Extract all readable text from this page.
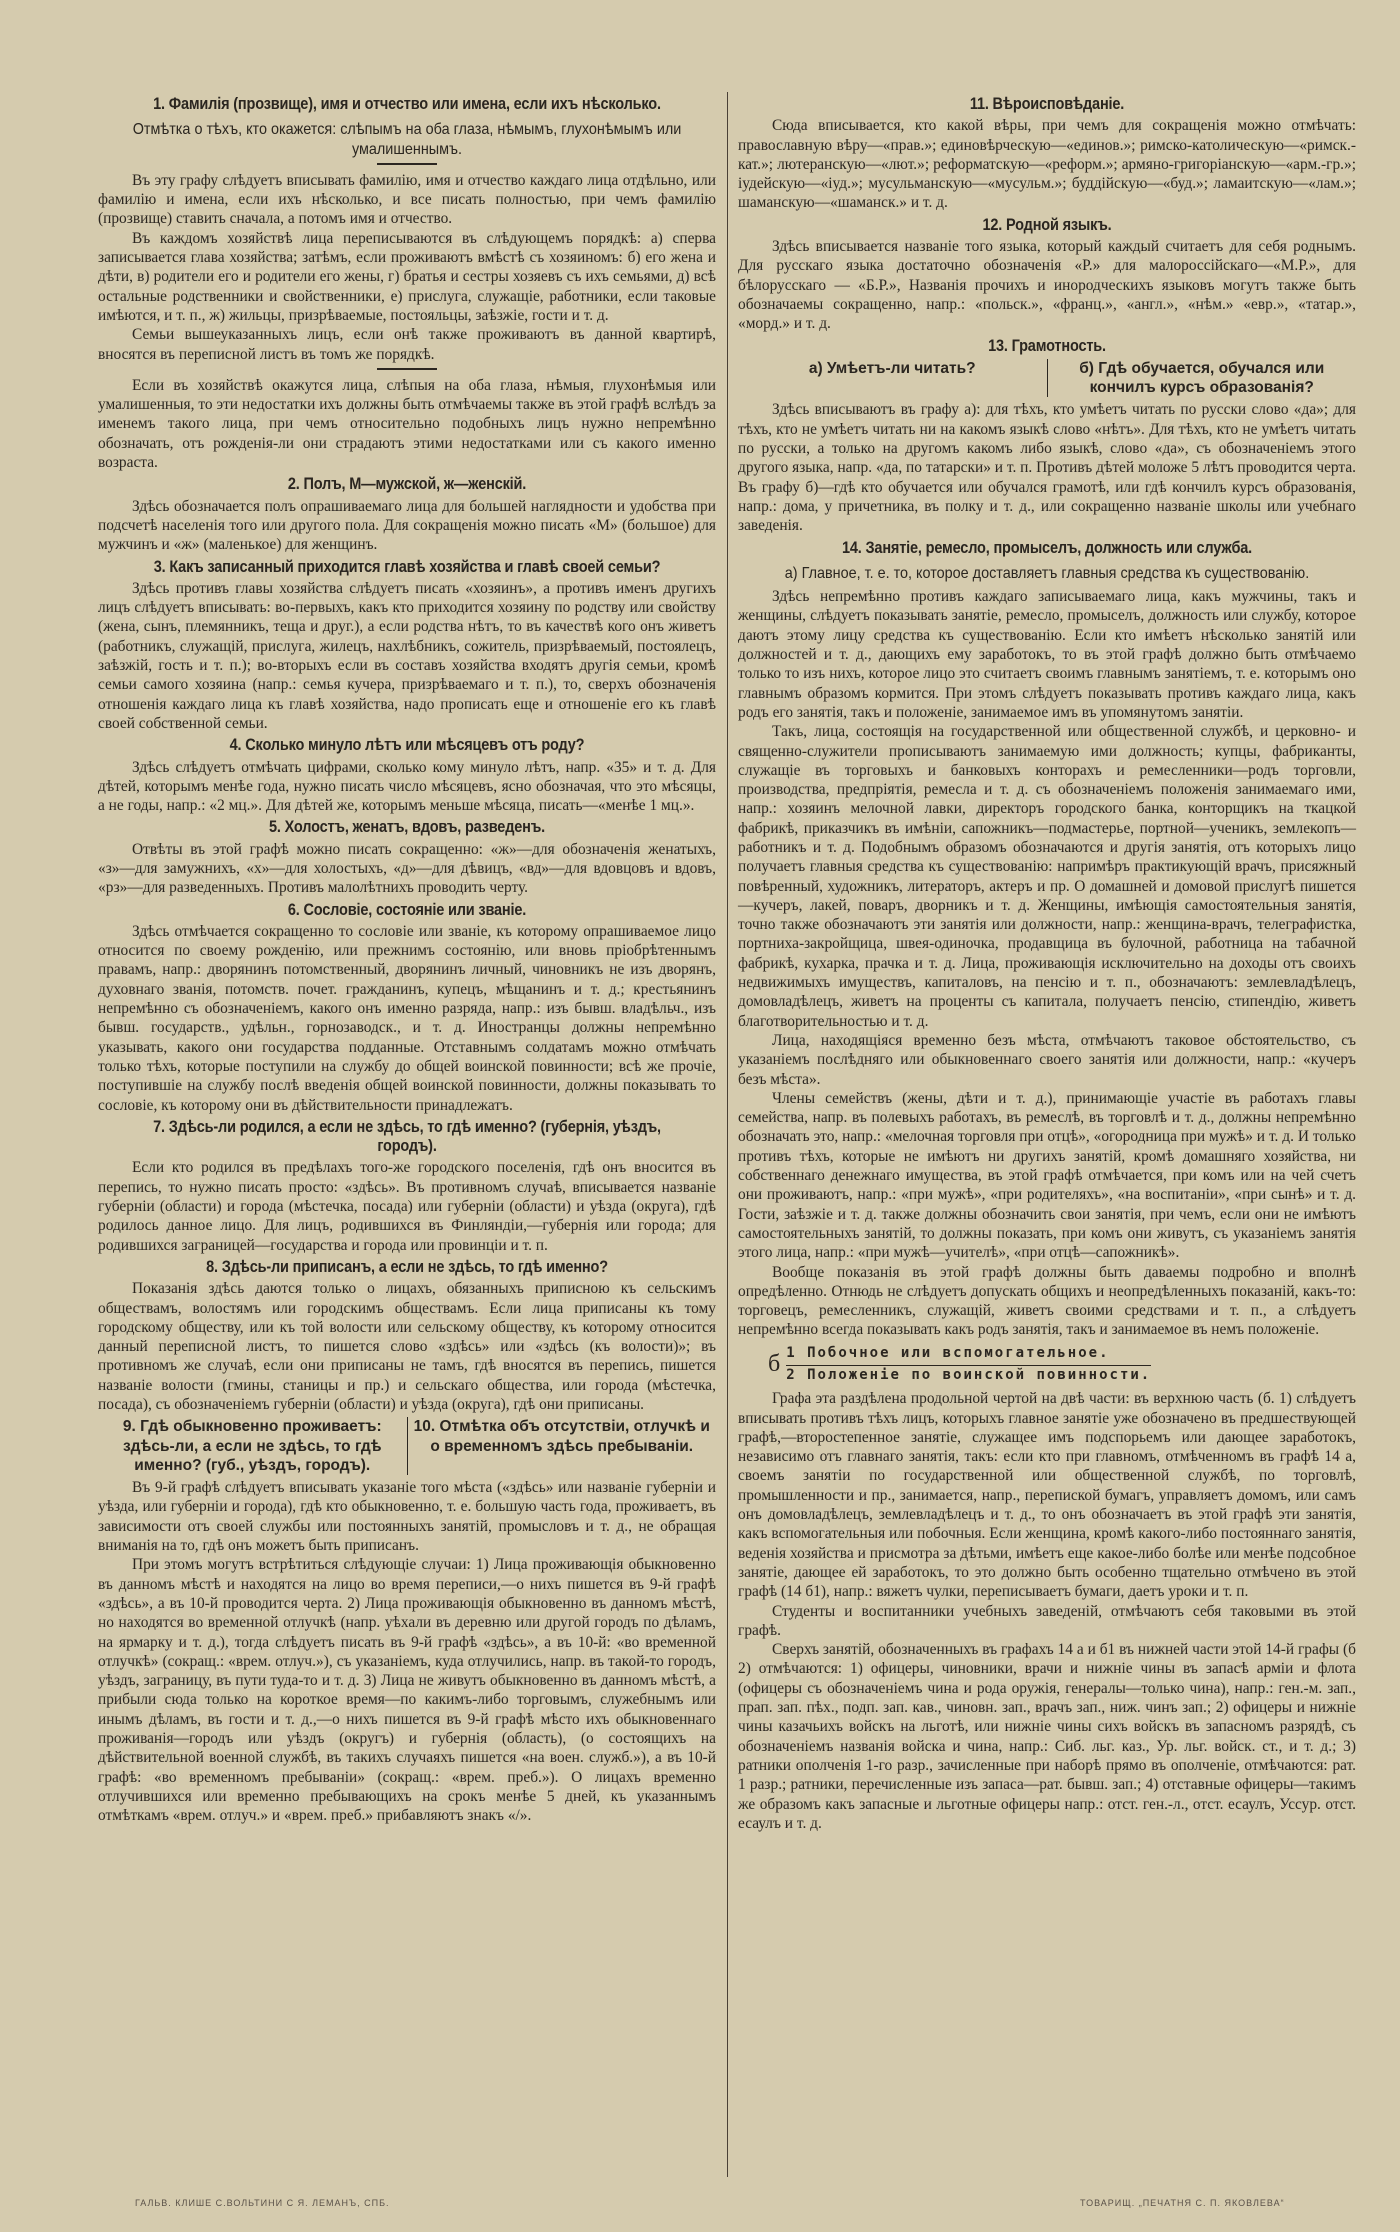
1. Фамилія (прозвище), имя и отчество или имена, если ихъ нѣсколько.
Отмѣтка о тѣхъ, кто окажется: слѣпымъ на оба глаза, нѣмымъ, глухонѣмымъ или умалишеннымъ.

Въ эту графу слѣдуетъ вписывать фамилію, имя и отчество каждаго лица отдѣльно, или фамилію и имена, если ихъ нѣсколько, и все писать полностью, при чемъ фамилію (прозвище) ставить сначала, а потомъ имя и отчество.

Въ каждомъ хозяйствѣ лица переписываются въ слѣдующемъ порядкѣ: а) сперва записывается глава хозяйства; затѣмъ, если проживаютъ вмѣстѣ съ хозяиномъ: б) его жена и дѣти, в) родители его и родители его жены, г) братья и сестры хозяевъ съ ихъ семьями, д) всѣ остальные родственники и свойственники, е) прислуга, служащіе, работники, если таковые имѣются, и т. п., ж) жильцы, призрѣваемые, постояльцы, заѣзжіе, гости и т. д.

Семьи вышеуказанныхъ лицъ, если онѣ также проживаютъ въ данной квартирѣ, вносятся въ переписной листъ въ томъ же порядкѣ.

Если въ хозяйствѣ окажутся лица, слѣпыя на оба глаза, нѣмыя, глухонѣмыя или умалишенныя, то эти недостатки ихъ должны быть отмѣчаемы также въ этой графѣ вслѣдъ за именемъ такого лица, при чемъ относительно подобныхъ лицъ нужно непремѣнно обозначать, отъ рожденія-ли они страдаютъ этими недостатками или съ какого именно возраста.

2. Полъ, М—мужской, ж—женскій.

Здѣсь обозначается полъ опрашиваемаго лица для большей наглядности и удобства при подсчетѣ населенія того или другого пола. Для сокращенія можно писать «М» (большое) для мужчинъ и «ж» (маленькое) для женщинъ.

3. Какъ записанный приходится главѣ хозяйства и главѣ своей семьи?

Здѣсь противъ главы хозяйства слѣдуетъ писать «хозяинъ», а противъ именъ другихъ лицъ слѣдуетъ вписывать: во-первыхъ, какъ кто приходится хозяину по родству или свойству (жена, сынъ, племянникъ, теща и друг.), а если родства нѣтъ, то въ качествѣ кого онъ живетъ (работникъ, служащій, прислуга, жилецъ, нахлѣбникъ, сожитель, призрѣваемый, постоялецъ, заѣзжій, гость и т. п.); во-вторыхъ если въ составъ хозяйства входятъ другія семьи, кромѣ семьи самого хозяина (напр.: семья кучера, призрѣваемаго и т. п.), то, сверхъ обозначенія отношенія каждаго лица къ главѣ хозяйства, надо прописать еще и отношеніе его къ главѣ своей собственной семьи.

4. Сколько минуло лѣтъ или мѣсяцевъ отъ роду?

Здѣсь слѣдуетъ отмѣчать цифрами, сколько кому минуло лѣтъ, напр. «35» и т. д. Для дѣтей, которымъ менѣе года, нужно писать число мѣсяцевъ, ясно обозначая, что это мѣсяцы, а не годы, напр.: «2 мц.». Для дѣтей же, которымъ меньше мѣсяца, писать—«менѣе 1 мц.».

5. Холостъ, женатъ, вдовъ, разведенъ.

Отвѣты въ этой графѣ можно писать сокращенно: «ж»—для обозначенія женатыхъ, «з»—для замужнихъ, «х»—для холостыхъ, «д»—для дѣвицъ, «вд»—для вдовцовъ и вдовъ, «рз»—для разведенныхъ. Противъ малолѣтнихъ проводить черту.

6. Сословіе, состояніе или званіе.

Здѣсь отмѣчается сокращенно то сословіе или званіе, къ которому опрашиваемое лицо относится по своему рожденію, или прежнимъ состоянію, или вновь пріобрѣтеннымъ правамъ, напр.: дворянинъ потомственный, дворянинъ личный, чиновникъ не изъ дворянъ, духовнаго званія, потомств. почет. гражданинъ, купецъ, мѣщанинъ и т. д.; крестьянинъ непремѣнно съ обозначеніемъ, какого онъ именно разряда, напр.: изъ бывш. владѣльч., изъ бывш. государств., удѣльн., горнозаводск., и т. д. Иностранцы должны непремѣнно указывать, какого они государства подданные. Отставнымъ солдатамъ можно отмѣчать только тѣхъ, которые поступили на службу до общей воинской повинности; всѣ же прочіе, поступившіе на службу послѣ введенія общей воинской повинности, должны показывать то сословіе, къ которому они въ дѣйствительности принадлежатъ.

7. Здѣсь-ли родился, а если не здѣсь, то гдѣ именно? (губернія, уѣздъ, городъ).

Если кто родился въ предѣлахъ того-же городского поселенія, гдѣ онъ вносится въ перепись, то нужно писать просто: «здѣсь». Въ противномъ случаѣ, вписывается названіе губерніи (области) и города (мѣстечка, посада) или губерніи (области) и уѣзда (округа), гдѣ родилось данное лицо. Для лицъ, родившихся въ Финляндіи,—губернія или города; для родившихся заграницей—государства и города или провинціи и т. п.

8. Здѣсь-ли приписанъ, а если не здѣсь, то гдѣ именно?

Показанія здѣсь даются только о лицахъ, обязанныхъ приписною къ сельскимъ обществамъ, волостямъ или городскимъ обществамъ. Если лица приписаны къ тому городскому обществу, или къ той волости или сельскому обществу, къ которому относится данный переписной листъ, то пишется слово «здѣсь» или «здѣсь (къ волости)»; въ противномъ же случаѣ, если они приписаны не тамъ, гдѣ вносятся въ перепись, пишется названіе волости (гмины, станицы и пр.) и сельскаго общества, или города (мѣстечка, посада), съ обозначеніемъ губерніи (области) и уѣзда (округа), гдѣ они приписаны.

9. Гдѣ обыкновенно проживаетъ: здѣсь-ли, а если не здѣсь, то гдѣ именно? (губ., уѣздъ, городъ).
10. Отмѣтка объ отсутствіи, отлучкѣ и о временномъ здѣсь пребываніи.

Въ 9-й графѣ слѣдуетъ вписывать указаніе того мѣста («здѣсь» или названіе губерніи и уѣзда, или губерніи и города), гдѣ кто обыкновенно, т. е. большую часть года, проживаетъ, въ зависимости отъ своей службы или постоянныхъ занятій, промысловъ и т. д., не обращая вниманія на то, гдѣ онъ можетъ быть приписанъ.

При этомъ могутъ встрѣтиться слѣдующіе случаи: 1) Лица проживающія обыкновенно въ данномъ мѣстѣ и находятся на лицо во время переписи,—о нихъ пишется въ 9-й графѣ «здѣсь», а въ 10-й проводится черта. 2) Лица проживающія обыкновенно въ данномъ мѣстѣ, но находятся во временной отлучкѣ (напр. уѣхали въ деревню или другой городъ по дѣламъ, на ярмарку и т. д.), тогда слѣдуетъ писать въ 9-й графѣ «здѣсь», а въ 10-й: «во временной отлучкѣ» (сокращ.: «врем. отлуч.»), съ указаніемъ, куда отлучились, напр. въ такой-то городъ, уѣздъ, заграницу, въ пути туда-то и т. д. 3) Лица не живутъ обыкновенно въ данномъ мѣстѣ, а прибыли сюда только на короткое время—по какимъ-либо торговымъ, служебнымъ или инымъ дѣламъ, въ гости и т. д.,—о нихъ пишется въ 9-й графѣ мѣсто ихъ обыкновеннаго проживанія—городъ или уѣздъ (округъ) и губернія (область), (о состоящихъ на дѣйствительной военной службѣ, въ такихъ случаяхъ пишется «на воен. служб.»), а въ 10-й графѣ: «во временномъ пребываніи» (сокращ.: «врем. преб.»). О лицахъ временно отлучившихся или временно пребывающихъ на срокъ менѣе 5 дней, къ указаннымъ отмѣткамъ «врем. отлуч.» и «врем. преб.» прибавляютъ знакъ «/».

11. Вѣроисповѣданіе.

Сюда вписывается, кто какой вѣры, при чемъ для сокращенія можно отмѣчать: православную вѣру—«прав.»; единовѣрческую—«единов.»; римско-католическую—«римск.-кат.»; лютеранскую—«лют.»; реформатскую—«реформ.»; армяно-григоріанскую—«арм.-гр.»; іудейскую—«іуд.»; мусульманскую—«мусульм.»; буддійскую—«буд.»; ламаитскую—«лам.»; шаманскую—«шаманск.» и т. д.

12. Родной языкъ.

Здѣсь вписывается названіе того языка, который каждый считаетъ для себя роднымъ. Для русскаго языка достаточно обозначенія «Р.» для малороссійскаго—«М.Р.», для бѣлорусскаго — «Б.Р.», Названія прочихъ и инородческихъ языковъ могутъ также быть обозначаемы сокращенно, напр.: «польск.», «франц.», «англ.», «нѣм.» «евр.», «татар.», «морд.» и т. д.

13. Грамотность.
а) Умѣетъ-ли читать?	б) Гдѣ обучается, обучался или кончилъ курсъ образованія?

Здѣсь вписываютъ въ графу а): для тѣхъ, кто умѣетъ читать по русски слово «да»; для тѣхъ, кто не умѣетъ читать ни на какомъ языкѣ слово «нѣтъ». Для тѣхъ, кто не умѣетъ читать по русски, а только на другомъ какомъ либо языкѣ, слово «да», съ обозначеніемъ этого другого языка, напр. «да, по татарски» и т. п. Противъ дѣтей моложе 5 лѣтъ проводится черта. Въ графу б)—гдѣ кто обучается или обучался грамотѣ, или гдѣ кончилъ курсъ образованія, напр.: дома, у причетника, въ полку и т. д., или сокращенно названіе школы или учебнаго заведенія.

14. Занятіе, ремесло, промыселъ, должность или служба.
а) Главное, т. е. то, которое доставляетъ главныя средства къ существованію.

Здѣсь непремѣнно противъ каждаго записываемаго лица, какъ мужчины, такъ и женщины, слѣдуетъ показывать занятіе, ремесло, промыселъ, должность или службу, которое даютъ этому лицу средства къ существованію. Если кто имѣетъ нѣсколько занятій или должностей и т. д., дающихъ ему заработокъ, то въ этой графѣ должно быть отмѣчаемо только то изъ нихъ, которое лицо это считаетъ своимъ главнымъ занятіемъ, т. е. которымъ оно главнымъ образомъ кормится. При этомъ слѣдуетъ показывать противъ каждаго лица, какъ родъ его занятія, такъ и положеніе, занимаемое имъ въ упомянутомъ занятіи.

Такъ, лица, состоящія на государственной или общественной службѣ, и церковно- и священно-служители прописываютъ занимаемую ими должность; купцы, фабриканты, служащіе въ торговыхъ и банковыхъ конторахъ и ремесленники—родъ торговли, производства, предпріятія, ремесла и т. д. съ обозначеніемъ положенія занимаемаго ими, напр.: хозяинъ мелочной лавки, директоръ городского банка, конторщикъ на ткацкой фабрикѣ, приказчикъ въ имѣніи, сапожникъ—подмастерье, портной—ученикъ, землекопъ—работникъ и т. д. Подобнымъ образомъ обозначаются и другія занятія, отъ которыхъ лицо получаетъ главныя средства къ существованію: напримѣръ практикующій врачъ, присяжный повѣренный, художникъ, литераторъ, актеръ и пр. О домашней и домовой прислугѣ пишется—кучеръ, лакей, поваръ, дворникъ и т. д. Женщины, имѣющія самостоятельныя занятія, точно также обозначаютъ эти занятія или должности, напр.: женщина-врачъ, телеграфистка, портниха-закройщица, швея-одиночка, продавщица въ булочной, работница на табачной фабрикѣ, кухарка, прачка и т. д. Лица, проживающія исключительно на доходы отъ своихъ недвижимыхъ имуществъ, капиталовъ, на пенсію и т. п., обозначаютъ: землевладѣлецъ, домовладѣлецъ, живетъ на проценты съ капитала, получаетъ пенсію, стипендію, живетъ благотворительностью и т. д.

Лица, находящіяся временно безъ мѣста, отмѣчаютъ таковое обстоятельство, съ указаніемъ послѣдняго или обыкновеннаго своего занятія или должности, напр.: «кучеръ безъ мѣста».

Члены семействъ (жены, дѣти и т. д.), принимающіе участіе въ работахъ главы семейства, напр. въ полевыхъ работахъ, въ ремеслѣ, въ торговлѣ и т. д., должны непремѣнно обозначать это, напр.: «мелочная торговля при отцѣ», «огородница при мужѣ» и т. д. И только противъ тѣхъ, которые не имѣютъ ни другихъ занятій, кромѣ домашняго хозяйства, ни собственнаго денежнаго имущества, въ этой графѣ отмѣчается, при комъ или на чей счетъ они проживаютъ, напр.: «при мужѣ», «при родителяхъ», «на воспитаніи», «при сынѣ» и т. д. Гости, заѣзжіе и т. д. также должны обозначить свои занятія, при чемъ, если они не имѣютъ самостоятельныхъ занятій, то должны показать, при комъ они живутъ, съ указаніемъ занятія этого лица, напр.: «при мужѣ—учителѣ», «при отцѣ—сапожникѣ».

Вообще показанія въ этой графѣ должны быть даваемы подробно и вполнѣ опредѣленно. Отнюдь не слѣдуетъ допускать общихъ и неопредѣленныхъ показаній, какъ-то: торговецъ, ремесленникъ, служащій, живетъ своими средствами и т. п., а слѣдуетъ непремѣнно всегда показывать какъ родъ занятія, такъ и занимаемое въ немъ положеніе.

б 1 Побочное или вспомогательное.
2 Положеніе по воинской повинности.

Графа эта раздѣлена продольной чертой на двѣ части: въ верхнюю часть (б. 1) слѣдуетъ вписывать противъ тѣхъ лицъ, которыхъ главное занятіе уже обозначено въ предшествующей графѣ,—второстепенное занятіе, служащее имъ подспорьемъ или дающее заработокъ, независимо отъ главнаго занятія, такъ: если кто при главномъ, отмѣченномъ въ графѣ 14 а, своемъ занятіи по государственной или общественной службѣ, по торговлѣ, промышленности и пр., занимается, напр., перепиской бумагъ, управляетъ домомъ, или самъ онъ домовладѣлецъ, землевладѣлецъ и т. д., то онъ обозначаетъ въ этой графѣ эти занятія, какъ вспомогательныя или побочныя. Если женщина, кромѣ какого-либо постояннаго занятія, веденія хозяйства и присмотра за дѣтьми, имѣетъ еще какое-либо болѣе или менѣе подсобное занятіе, дающее ей заработокъ, то это должно быть особенно тщательно отмѣчено въ этой графѣ (14 б1), напр.: вяжетъ чулки, переписываетъ бумаги, даетъ уроки и т. п.

Студенты и воспитанники учебныхъ заведеній, отмѣчаютъ себя таковыми въ этой графѣ.

Сверхъ занятій, обозначенныхъ въ графахъ 14 а и б1 въ нижней части этой 14-й графы (б 2) отмѣчаются: 1) офицеры, чиновники, врачи и нижніе чины въ запасѣ арміи и флота (офицеры съ обозначеніемъ чина и рода оружія, генералы—только чина), напр.: ген.-м. зап., прап. зап. пѣх., подп. зап. кав., чиновн. зап., врачъ зап., ниж. чинъ зап.; 2) офицеры и нижніе чины казачьихъ войскъ на льготѣ, или нижніе чины сихъ войскъ въ запасномъ разрядѣ, съ обозначеніемъ названія войска и чина, напр.: Сиб. льг. каз., Ур. льг. войск. ст., и т. д.; 3) ратники ополченія 1-го разр., зачисленные при наборѣ прямо въ ополченіе, отмѣчаются: рат. 1 разр.; ратники, перечисленные изъ запаса—рат. бывш. зап.; 4) отставные офицеры—такимъ же образомъ какъ запасные и льготные офицеры напр.: отст. ген.-л., отст. есаулъ, Уссур. отст. есаулъ и т. д.

ГАЛЬВ. КЛИШЕ С.ВОЛЬТИНИ С Я. ЛЕМАНЪ, СПБ.	ТОВАРИЩ. „ПЕЧАТНЯ С. П. ЯКОВЛЕВА“
